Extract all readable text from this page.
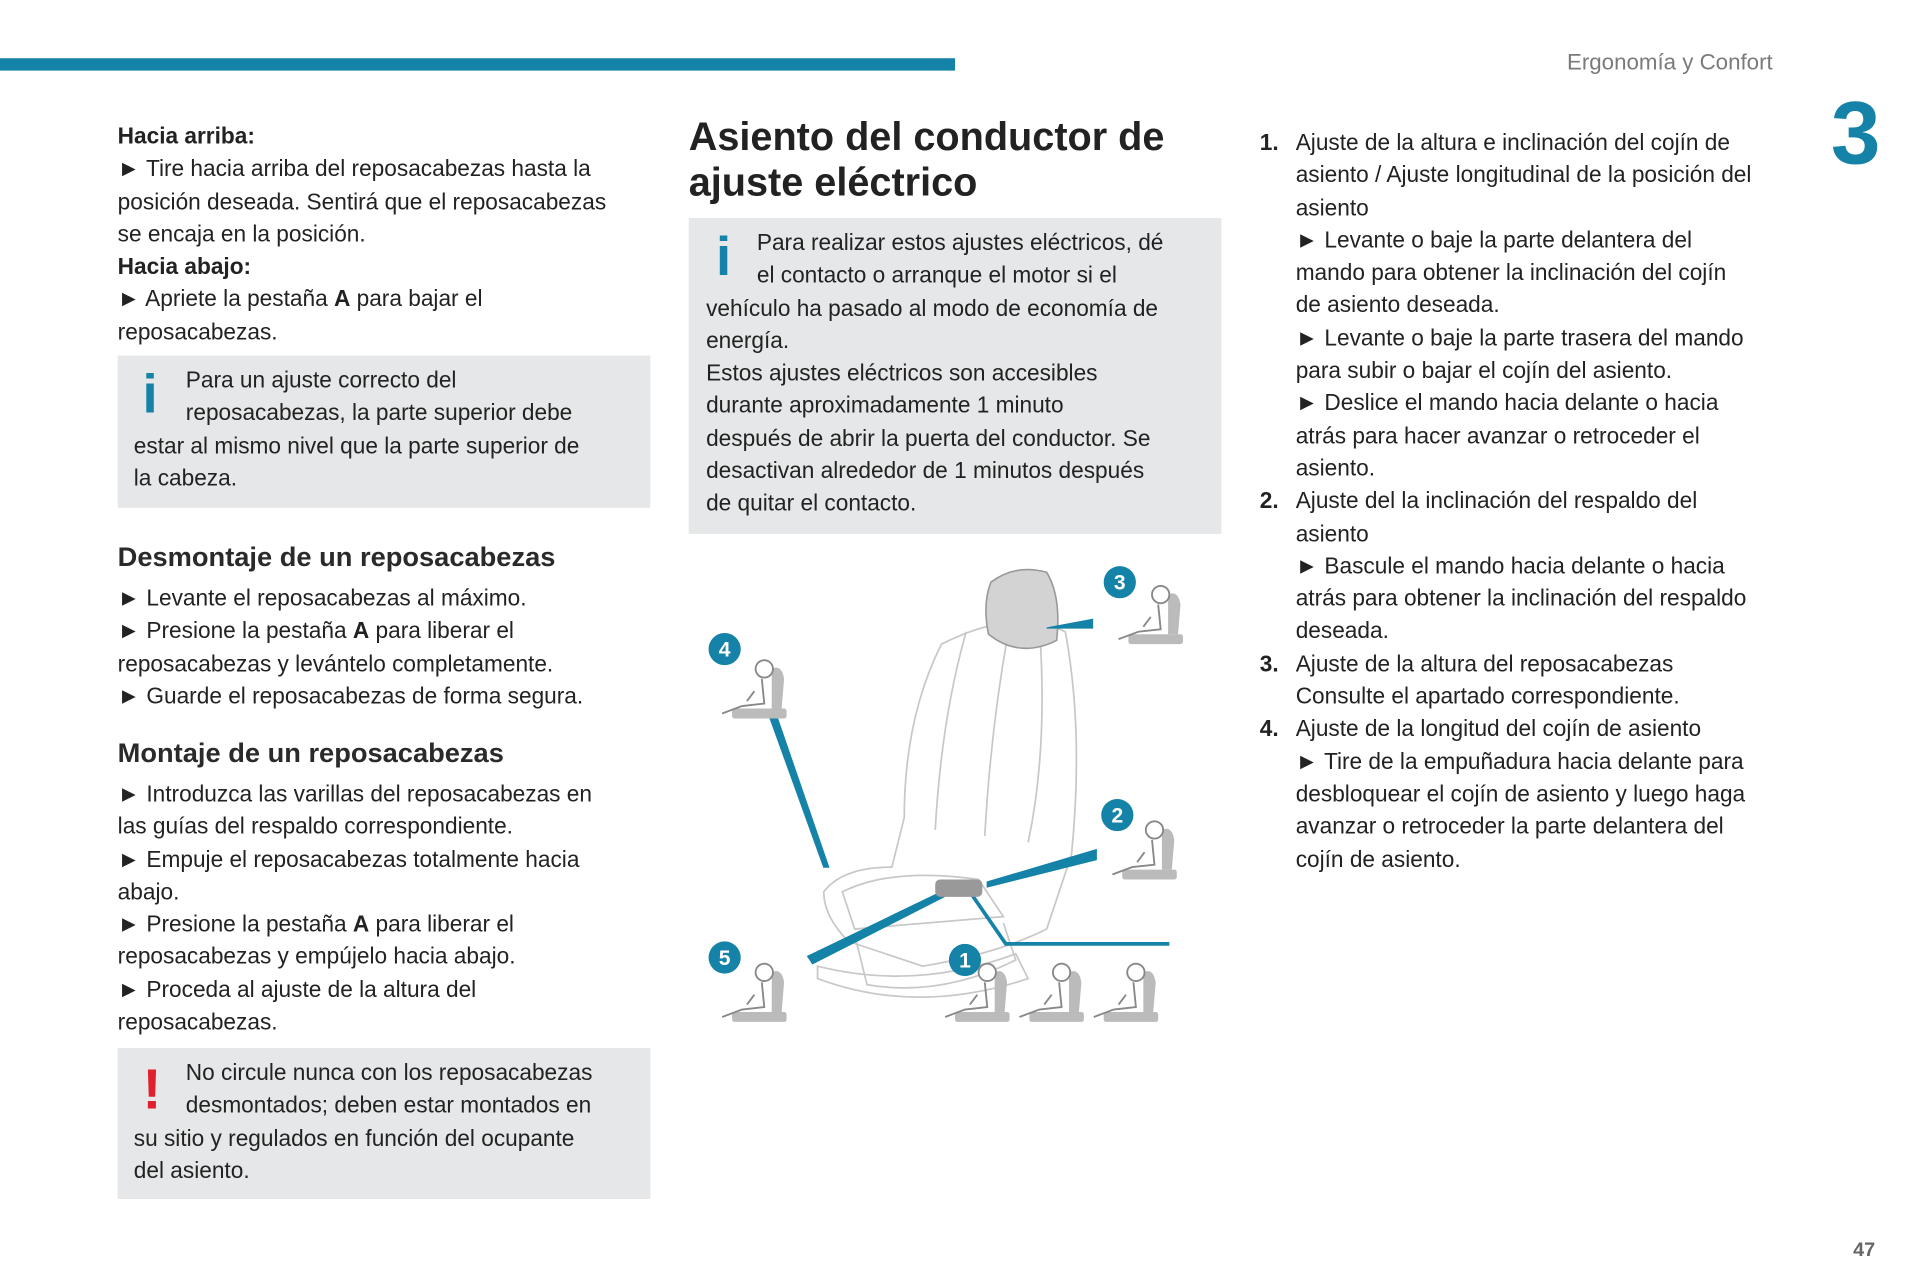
Ergonomía y Confort
3
47
Hacia arriba:
► Tire hacia arriba del reposacabezas hasta la
posición deseada. Sentirá que el reposacabezas
se encaja en la posición.
Hacia abajo:
► Apriete la pestaña A para bajar el
reposacabezas.
i	Para un ajuste correcto del
reposacabezas, la parte superior debe
estar al mismo nivel que la parte superior de
la cabeza.
Desmontaje de un reposacabezas
► Levante el reposacabezas al máximo.
► Presione la pestaña A para liberar el
reposacabezas y levántelo completamente.
► Guarde el reposacabezas de forma segura.
Montaje de un reposacabezas
► Introduzca las varillas del reposacabezas en
las guías del respaldo correspondiente.
► Empuje el reposacabezas totalmente hacia
abajo.
► Presione la pestaña A para liberar el
reposacabezas y empújelo hacia abajo.
► Proceda al ajuste de la altura del
reposacabezas.
!	No circule nunca con los reposacabezas
desmontados; deben estar montados en
su sitio y regulados en función del ocupante
del asiento.
Asiento del conductor de
ajuste eléctrico
i	Para realizar estos ajustes eléctricos, dé
el contacto o arranque el motor si el
vehículo ha pasado al modo de economía de
energía.
Estos ajustes eléctricos son accesibles
durante aproximadamente 1 minuto
después de abrir la puerta del conductor. Se
desactivan alrededor de 1 minutos después
de quitar el contacto.
1
2
3
4
5
1. Ajuste de la altura e inclinación del cojín de
asiento / Ajuste longitudinal de la posición del
asiento
► Levante o baje la parte delantera del
mando para obtener la inclinación del cojín
de asiento deseada.
► Levante o baje la parte trasera del mando
para subir o bajar el cojín del asiento.
► Deslice el mando hacia delante o hacia
atrás para hacer avanzar o retroceder el
asiento.
2. Ajuste del la inclinación del respaldo del
asiento
► Bascule el mando hacia delante o hacia
atrás para obtener la inclinación del respaldo
deseada.
3. Ajuste de la altura del reposacabezas
Consulte el apartado correspondiente.
4. Ajuste de la longitud del cojín de asiento
► Tire de la empuñadura hacia delante para
desbloquear el cojín de asiento y luego haga
avanzar o retroceder la parte delantera del
cojín de asiento.
